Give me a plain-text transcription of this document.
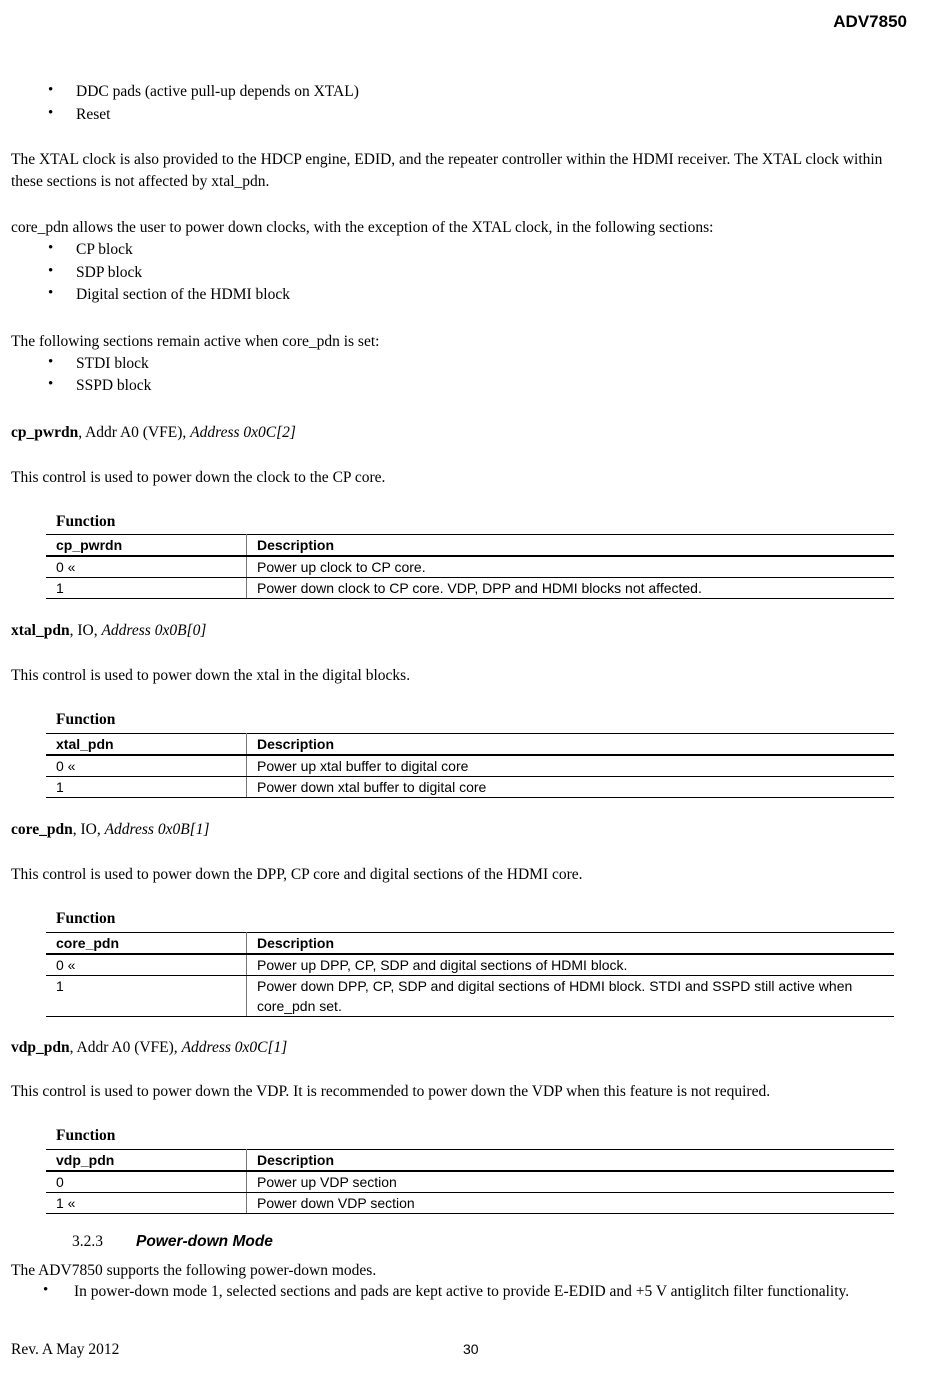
ADV7850
• DDC pads (active pull-up depends on XTAL)
• Reset
The XTAL clock is also provided to the HDCP engine, EDID, and the repeater controller within the HDMI receiver. The XTAL clock within these sections is not affected by xtal_pdn.
core_pdn allows the user to power down clocks, with the exception of the XTAL clock, in the following sections:
• CP block
• SDP block
• Digital section of the HDMI block
The following sections remain active when core_pdn is set:
• STDI block
• SSPD block
cp_pwrdn, Addr A0 (VFE), Address 0x0C[2]
This control is used to power down the clock to the CP core.
Function
cp_pwrdn	Description
0 «	Power up clock to CP core.
1	Power down clock to CP core. VDP, DPP and HDMI blocks not affected.
xtal_pdn, IO, Address 0x0B[0]
This control is used to power down the xtal in the digital blocks.
Function
xtal_pdn	Description
0 «	Power up xtal buffer to digital core
1	Power down xtal buffer to digital core
core_pdn, IO, Address 0x0B[1]
This control is used to power down the DPP, CP core and digital sections of the HDMI core.
Function
core_pdn	Description
0 «	Power up DPP, CP, SDP and digital sections of HDMI block.
1	Power down DPP, CP, SDP and digital sections of HDMI block. STDI and SSPD still active when core_pdn set.
vdp_pdn, Addr A0 (VFE), Address 0x0C[1]
This control is used to power down the VDP. It is recommended to power down the VDP when this feature is not required.
Function
vdp_pdn	Description
0	Power up VDP section
1 «	Power down VDP section
3.2.3 Power-down Mode
The ADV7850 supports the following power-down modes.
• In power-down mode 1, selected sections and pads are kept active to provide E-EDID and +5 V antiglitch filter functionality.
Rev. A May 2012	30
